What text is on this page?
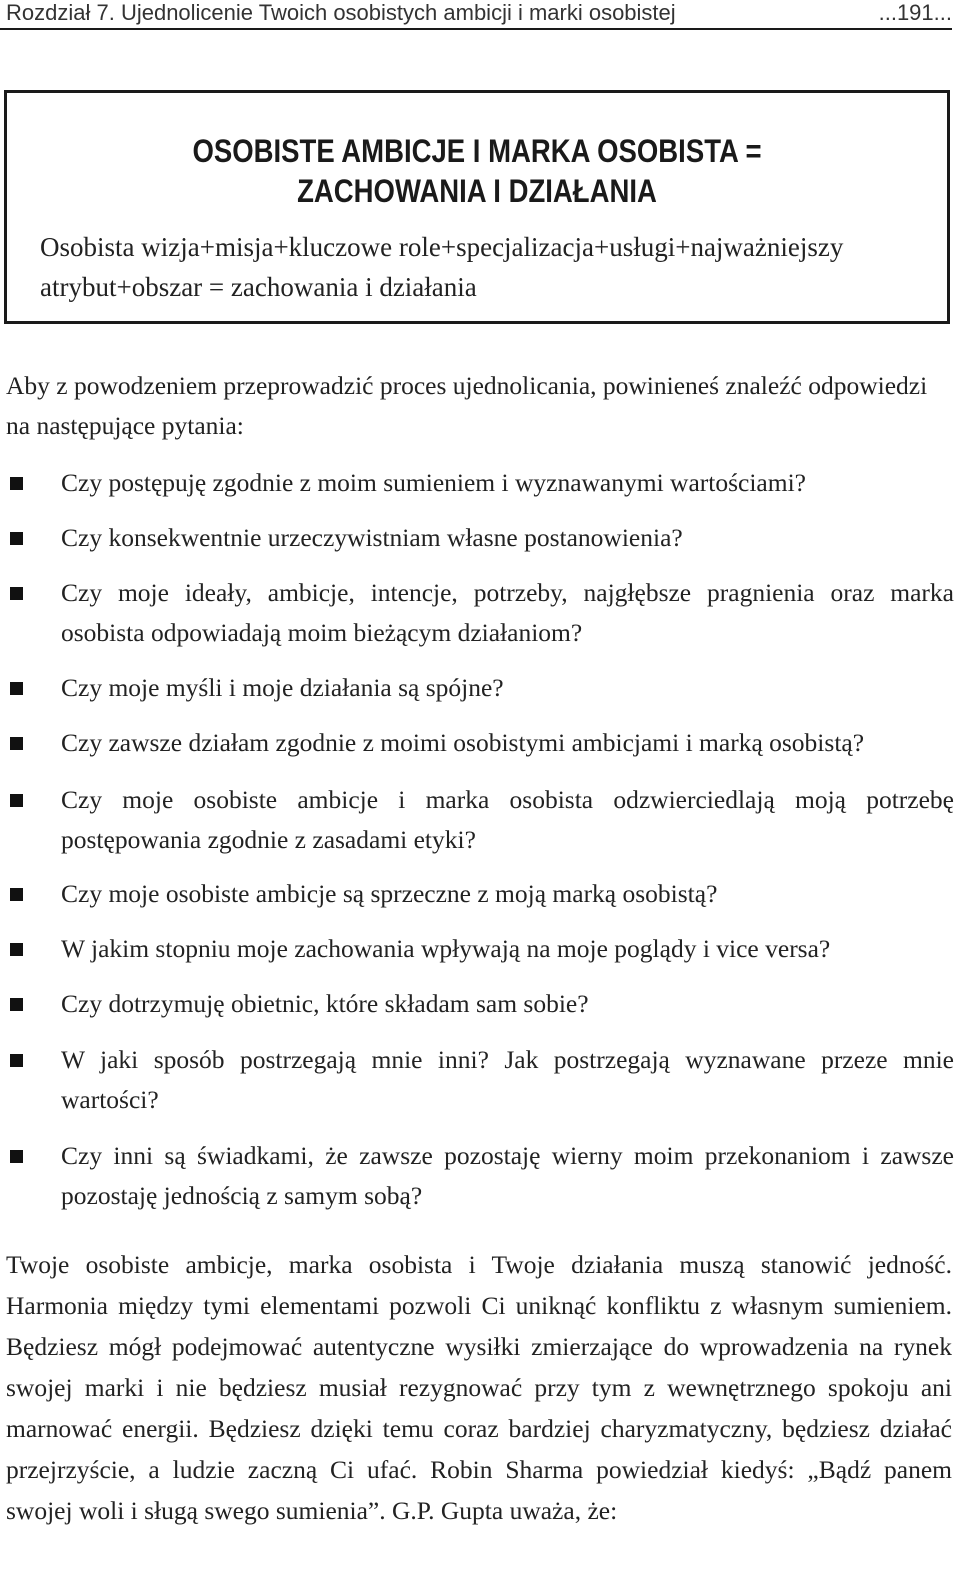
Rozdział 7. Ujednolicenie Twoich osobistych ambicji i marki osobistej	...191...
OSOBISTE AMBICJE I MARKA OSOBISTA =
ZACHOWANIA I DZIAŁANIA
Osobista wizja+misja+kluczowe role+specjalizacja+usługi+najważniejszy atrybut+obszar = zachowania i działania

Aby z powodzeniem przeprowadzić proces ujednolicania, powinieneś znaleźć odpowiedzi na następujące pytania:

Czy postępuję zgodnie z moim sumieniem i wyznawanymi wartościami?
Czy konsekwentnie urzeczywistniam własne postanowienia?
Czy moje ideały, ambicje, intencje, potrzeby, najgłębsze pragnienia oraz marka osobista odpowiadają moim bieżącym działaniom?
Czy moje myśli i moje działania są spójne?
Czy zawsze działam zgodnie z moimi osobistymi ambicjami i marką osobistą?
Czy moje osobiste ambicje i marka osobista odzwierciedlają moją potrzebę postępowania zgodnie z zasadami etyki?
Czy moje osobiste ambicje są sprzeczne z moją marką osobistą?
W jakim stopniu moje zachowania wpływają na moje poglądy i vice versa?
Czy dotrzymuję obietnic, które składam sam sobie?
W jaki sposób postrzegają mnie inni? Jak postrzegają wyznawane przeze mnie wartości?
Czy inni są świadkami, że zawsze pozostaję wierny moim przekonaniom i zawsze pozostaję jednością z samym sobą?

Twoje osobiste ambicje, marka osobista i Twoje działania muszą stanowić jedność. Harmonia między tymi elementami pozwoli Ci uniknąć konfliktu z własnym sumieniem. Będziesz mógł podejmować autentyczne wysiłki zmierzające do wprowadzenia na rynek swojej marki i nie będziesz musiał rezygnować przy tym z wewnętrznego spokoju ani marnować energii. Będziesz dzięki temu coraz bardziej charyzmatyczny, będziesz działać przejrzyście, a ludzie zaczną Ci ufać. Robin Sharma powiedział kiedyś: „Bądź panem swojej woli i sługą swego sumienia”. G.P. Gupta uważa, że:
